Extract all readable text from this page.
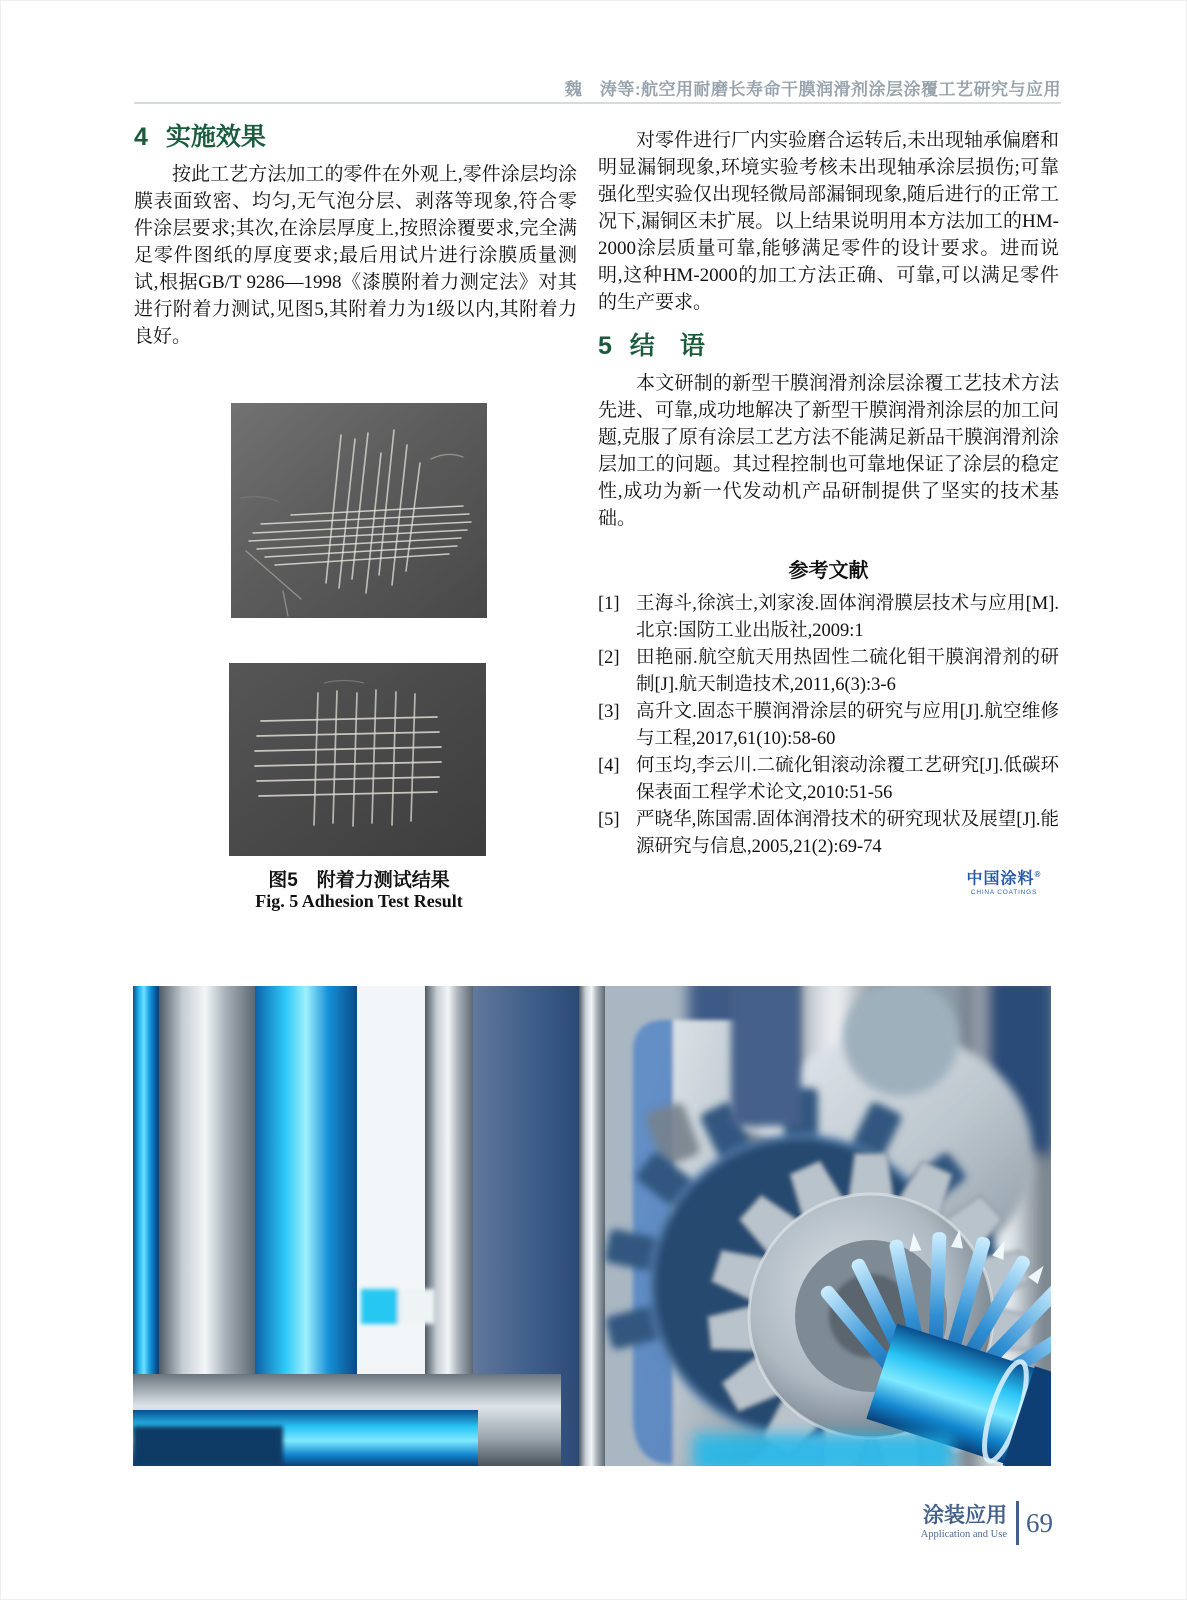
魏　涛等:航空用耐磨长寿命干膜润滑剂涂层涂覆工艺研究与应用
4 实施效果

按此工艺方法加工的零件在外观上,零件涂层均涂膜表面致密、均匀,无气泡分层、剥落等现象,符合零件涂层要求;其次,在涂层厚度上,按照涂覆要求,完全满足零件图纸的厚度要求;最后用试片进行涂膜质量测试,根据GB/T 9286—1998《漆膜附着力测定法》对其进行附着力测试,见图5,其附着力为1级以内,其附着力良好。

图5　附着力测试结果
Fig. 5 Adhesion Test Result

对零件进行厂内实验磨合运转后,未出现轴承偏磨和明显漏铜现象,环境实验考核未出现轴承涂层损伤;可靠强化型实验仅出现轻微局部漏铜现象,随后进行的正常工况下,漏铜区未扩展。以上结果说明用本方法加工的HM-2000涂层质量可靠,能够满足零件的设计要求。进而说明,这种HM-2000的加工方法正确、可靠,可以满足零件的生产要求。

5 结　语

本文研制的新型干膜润滑剂涂层涂覆工艺技术方法先进、可靠,成功地解决了新型干膜润滑剂涂层的加工问题,克服了原有涂层工艺方法不能满足新品干膜润滑剂涂层加工的问题。其过程控制也可靠地保证了涂层的稳定性,成功为新一代发动机产品研制提供了坚实的技术基础。

参考文献
[1] 王海斗,徐滨士,刘家浚.固体润滑膜层技术与应用[M]. 北京:国防工业出版社,2009:1
[2] 田艳丽.航空航天用热固性二硫化钼干膜润滑剂的研制[J].航天制造技术,2011,6(3):3-6
[3] 高升文.固态干膜润滑涂层的研究与应用[J].航空维修与工程,2017,61(10):58-60
[4] 何玉均,李云川.二硫化钼滚动涂覆工艺研究[J].低碳环保表面工程学术论文,2010:51-56
[5] 严晓华,陈国需.固体润滑技术的研究现状及展望[J].能源研究与信息,2005,21(2):69-74
中国涂料®
CHINA COATINGS
涂装应用
Application and Use 69
